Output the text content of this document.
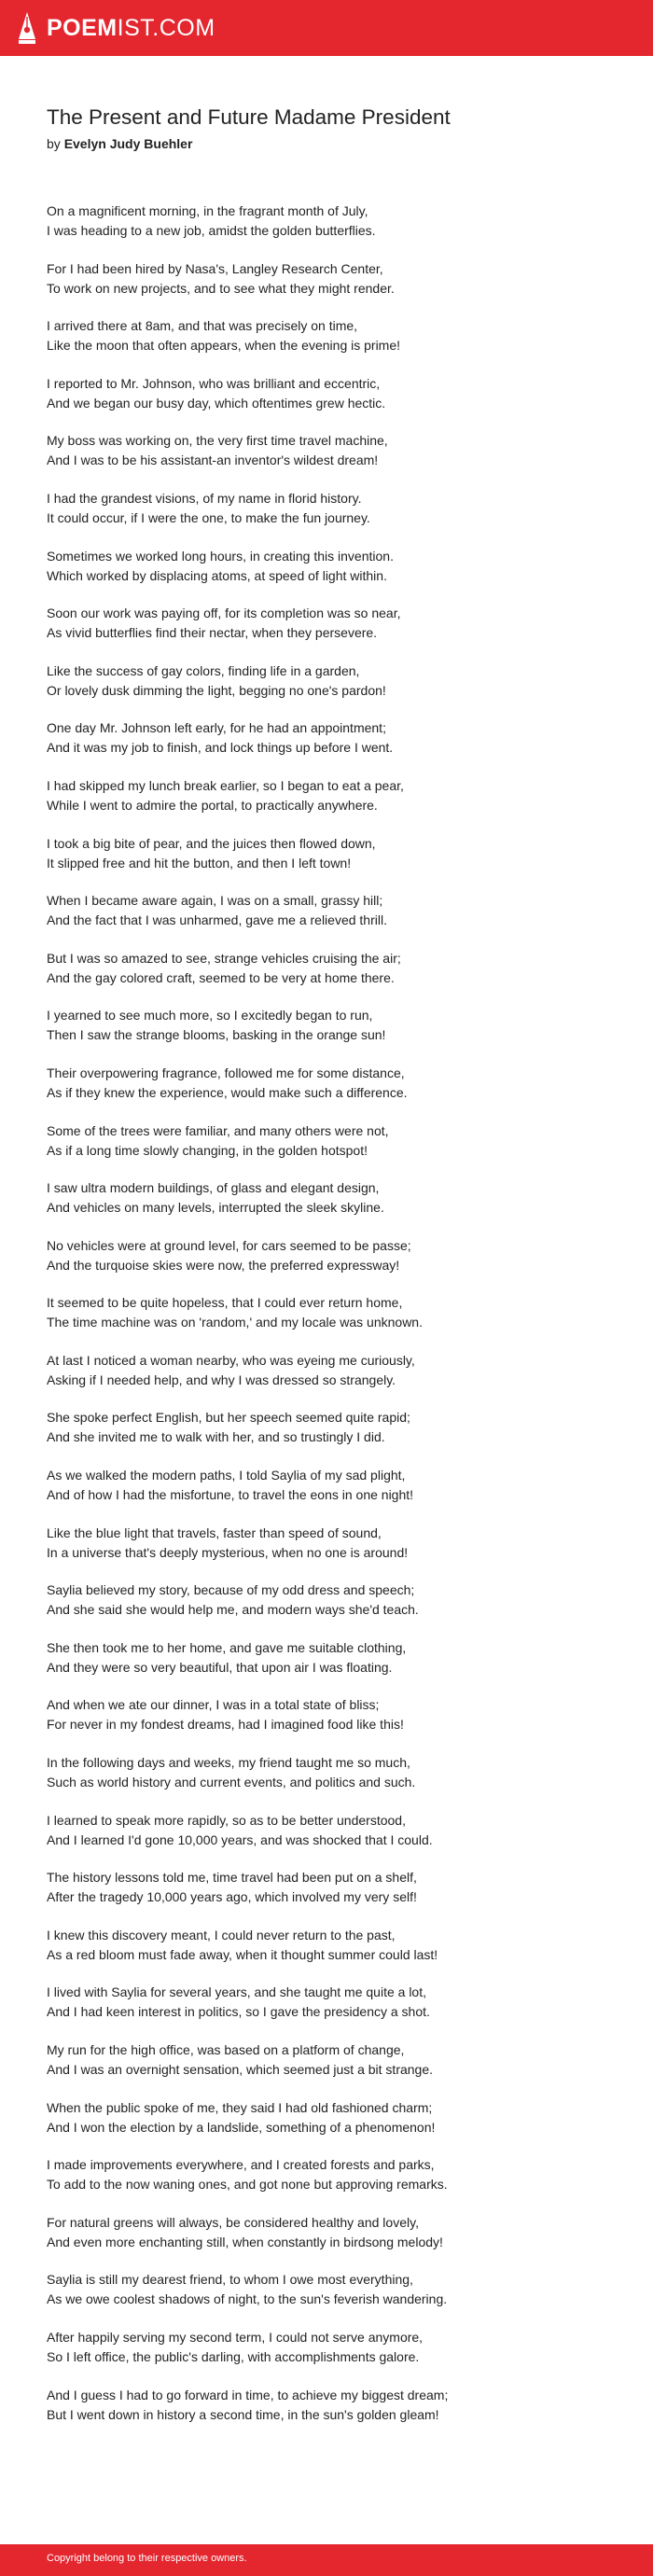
POEMIST.COM
The Present and Future Madame President
by Evelyn Judy Buehler

On a magnificent morning, in the fragrant month of July,
I was heading to a new job, amidst the golden butterflies.

For I had been hired by Nasa's, Langley Research Center,
To work on new projects, and to see what they might render.

I arrived there at 8am, and that was precisely on time,
Like the moon that often appears, when the evening is prime!

I reported to Mr. Johnson, who was brilliant and eccentric,
And we began our busy day, which oftentimes grew hectic.

My boss was working on, the very first time travel machine,
And I was to be his assistant-an inventor's wildest dream!

I had the grandest visions, of my name in florid history.
It could occur, if I were the one, to make the fun journey.

Sometimes we worked long hours, in creating this invention.
Which worked by displacing atoms, at speed of light within.

Soon our work was paying off, for its completion was so near,
As vivid butterflies find their nectar, when they persevere.

Like the success of gay colors, finding life in a garden,
Or lovely dusk dimming the light, begging no one's pardon!

One day Mr. Johnson left early, for he had an appointment;
And it was my job to finish, and lock things up before I went.

I had skipped my lunch break earlier, so I began to eat a pear,
While I went to admire the portal, to practically anywhere.

I took a big bite of pear, and the juices then flowed down,
It slipped free and hit the button, and then I left town!

When I became aware again, I was on a small, grassy hill;
And the fact that I was unharmed, gave me a relieved thrill.

But I was so amazed to see, strange vehicles cruising the air;
And the gay colored craft, seemed to be very at home there.

I yearned to see much more, so I excitedly began to run,
Then I saw the strange blooms, basking in the orange sun!

Their overpowering fragrance, followed me for some distance,
As if they knew the experience, would make such a difference.

Some of the trees were familiar, and many others were not,
As if a long time slowly changing, in the golden hotspot!

I saw ultra modern buildings, of glass and elegant design,
And vehicles on many levels, interrupted the sleek skyline.

No vehicles were at ground level, for cars seemed to be passe;
And the turquoise skies were now, the preferred expressway!

It seemed to be quite hopeless, that I could ever return home,
The time machine was on 'random,' and my locale was unknown.

At last I noticed a woman nearby, who was eyeing me curiously,
Asking if I needed help, and why I was dressed so strangely.

She spoke perfect English, but her speech seemed quite rapid;
And she invited me to walk with her, and so trustingly I did.

As we walked the modern paths, I told Saylia of my sad plight,
And of how I had the misfortune, to travel the eons in one night!

Like the blue light that travels, faster than speed of sound,
In a universe that's deeply mysterious, when no one is around!

Saylia believed my story, because of my odd dress and speech;
And she said she would help me, and modern ways she'd teach.

She then took me to her home, and gave me suitable clothing,
And they were so very beautiful, that upon air I was floating.

And when we ate our dinner, I was in a total state of bliss;
For never in my fondest dreams, had I imagined food like this!

In the following days and weeks, my friend taught me so much,
Such as world history and current events, and politics and such.

I learned to speak more rapidly, so as to be better understood,
And I learned I'd gone 10,000 years, and was shocked that I could.

The history lessons told me, time travel had been put on a shelf,
After the tragedy 10,000 years ago, which involved my very self!

I knew this discovery meant, I could never return to the past,
As a red bloom must fade away, when it thought summer could last!

I lived with Saylia for several years, and she taught me quite a lot,
And I had keen interest in politics, so I gave the presidency a shot.

My run for the high office, was based on a platform of change,
And I was an overnight sensation, which seemed just a bit strange.

When the public spoke of me, they said I had old fashioned charm;
And I won the election by a landslide, something of a phenomenon!

I made improvements everywhere, and I created forests and parks,
To add to the now waning ones, and got none but approving remarks.

For natural greens will always, be considered healthy and lovely,
And even more enchanting still, when constantly in birdsong melody!

Saylia is still my dearest friend, to whom I owe most everything,
As we owe coolest shadows of night, to the sun's feverish wandering.

After happily serving my second term, I could not serve anymore,
So I left office, the public's darling, with accomplishments galore.

And I guess I had to go forward in time, to achieve my biggest dream;
But I went down in history a second time, in the sun's golden gleam!

Copyright belong to their respective owners.
